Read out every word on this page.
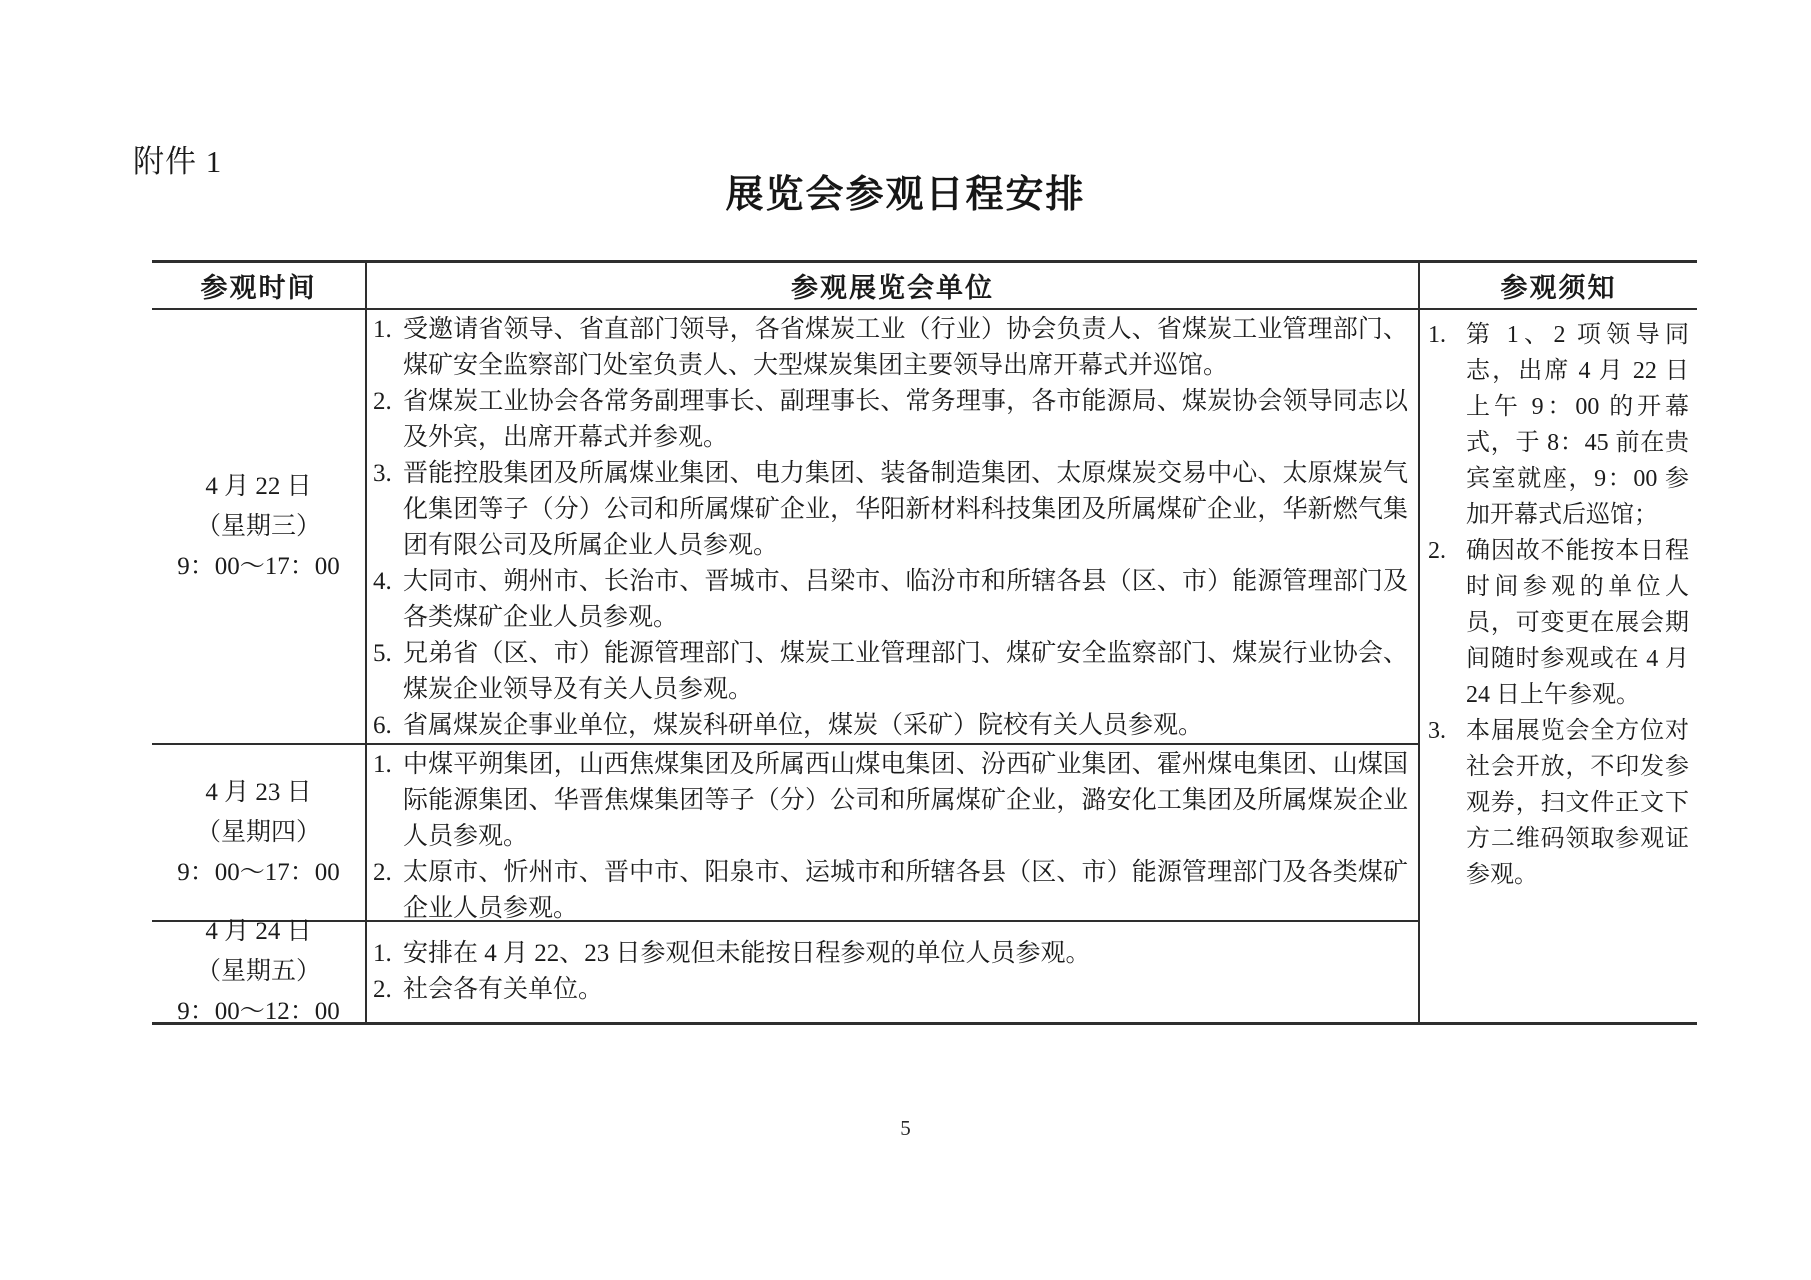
附件 1
展览会参观日程安排
参观时间	参观展览会单位	参观须知
4 月 22 日
（星期三）
9：00～17：00
1. 受邀请省领导、省直部门领导，各省煤炭工业（行业）协会负责人、省煤炭工业管理部门、煤矿安全监察部门处室负责人、大型煤炭集团主要领导出席开幕式并巡馆。
2. 省煤炭工业协会各常务副理事长、副理事长、常务理事，各市能源局、煤炭协会领导同志以及外宾，出席开幕式并参观。
3. 晋能控股集团及所属煤业集团、电力集团、装备制造集团、太原煤炭交易中心、太原煤炭气化集团等子（分）公司和所属煤矿企业，华阳新材料科技集团及所属煤矿企业，华新燃气集团有限公司及所属企业人员参观。
4. 大同市、朔州市、长治市、晋城市、吕梁市、临汾市和所辖各县（区、市）能源管理部门及各类煤矿企业人员参观。
5. 兄弟省（区、市）能源管理部门、煤炭工业管理部门、煤矿安全监察部门、煤炭行业协会、煤炭企业领导及有关人员参观。
6. 省属煤炭企事业单位，煤炭科研单位，煤炭（采矿）院校有关人员参观。
1. 第 1、2 项领导同志，出席 4 月 22 日上午 9：00 的开幕式，于 8：45 前在贵宾室就座，9：00 参加开幕式后巡馆；
2. 确因故不能按本日程时间参观的单位人员，可变更在展会期间随时参观或在 4 月 24 日上午参观。
3. 本届展览会全方位对社会开放，不印发参观券，扫文件正文下方二维码领取参观证参观。
4 月 23 日
（星期四）
9：00～17：00
1. 中煤平朔集团，山西焦煤集团及所属西山煤电集团、汾西矿业集团、霍州煤电集团、山煤国际能源集团、华晋焦煤集团等子（分）公司和所属煤矿企业，潞安化工集团及所属煤炭企业人员参观。
2. 太原市、忻州市、晋中市、阳泉市、运城市和所辖各县（区、市）能源管理部门及各类煤矿企业人员参观。
4 月 24 日
（星期五）
9：00～12：00
1. 安排在 4 月 22、23 日参观但未能按日程参观的单位人员参观。
2. 社会各有关单位。
5
